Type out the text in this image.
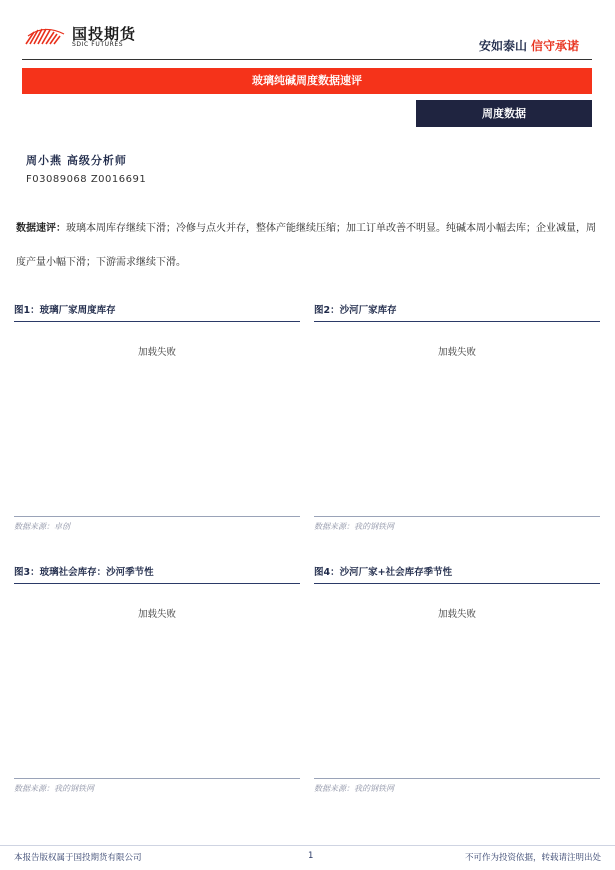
国投期货
SDIC FUTURES	安如泰山 信守承诺
玻璃纯碱周度数据速评
周度数据
周小燕 高级分析师
F03089068 Z0016691
数据速评：玻璃本周库存继续下滑；冷修与点火并存，整体产能继续压缩；加工订单改善不明显。纯碱本周小幅去库；企业减量，周度产量小幅下滑；下游需求继续下滑。
图1：玻璃厂家周度库存
加载失败
数据来源：卓创
图2：沙河厂家库存
加载失败
数据来源：我的钢铁网
图3：玻璃社会库存：沙河季节性
加载失败
数据来源：我的钢铁网
图4：沙河厂家+社会库存季节性
加载失败
数据来源：我的钢铁网
本报告版权属于国投期货有限公司	1	不可作为投资依据，转载请注明出处
